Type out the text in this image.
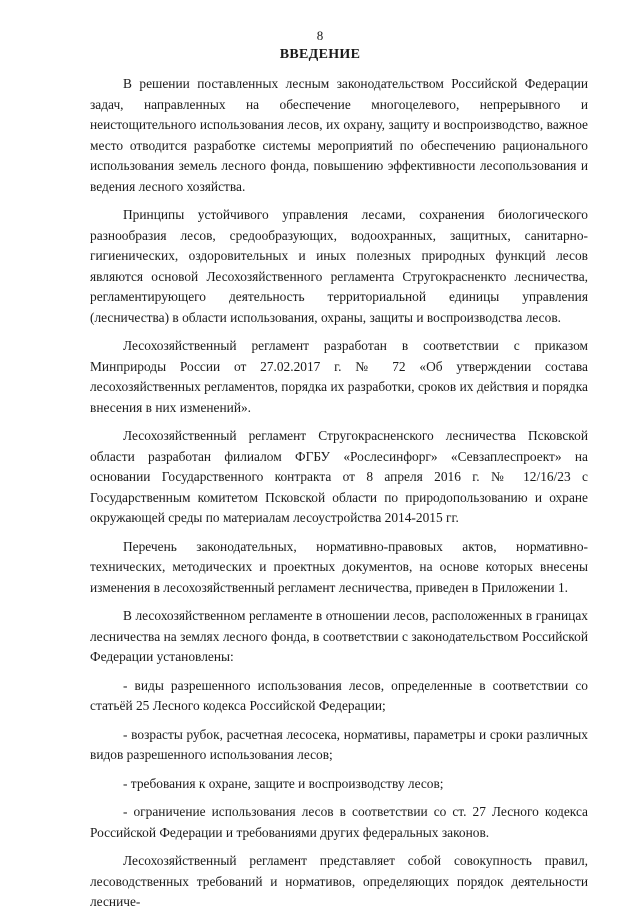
8
ВВЕДЕНИЕ

В решении поставленных лесным законодательством Российской Федерации задач, направленных на обеспечение многоцелевого, непрерывного и неистощительного использования лесов, их охрану, защиту и воспроизводство, важное место отводится разработке системы мероприятий по обеспечению рационального использования земель лесного фонда, повышению эффективности лесопользования и ведения лесного хозяйства.

Принципы устойчивого управления лесами, сохранения биологического разнообразия лесов, средообразующих, водоохранных, защитных, санитарно-гигиенических, оздоровительных и иных полезных природных функций лесов являются основой Лесохозяйственного регламента Стругокрасненкто лесничества, регламентирующего деятельность территориальной единицы управления (лесничества) в области использования, охраны, защиты и воспроизводства лесов.

Лесохозяйственный регламент разработан в соответствии с приказом Минприроды России от 27.02.2017 г. № 72 «Об утверждении состава лесохозяйственных регламентов, порядка их разработки, сроков их действия и порядка внесения в них изменений».

Лесохозяйственный регламент Стругокрасненского лесничества Псковской области разработан филиалом ФГБУ «Рослесинфорг» «Севзаплеспроект» на основании Государственного контракта от 8 апреля 2016 г. № 12/16/23 с Государственным комитетом Псковской области по природопользованию и охране окружающей среды по материалам лесоустройства 2014-2015 гг.

Перечень законодательных, нормативно-правовых актов, нормативно-технических, методических и проектных документов, на основе которых внесены изменения в лесохозяйственный регламент лесничества, приведен в Приложении 1.

В лесохозяйственном регламенте в отношении лесов, расположенных в границах лесничества на землях лесного фонда, в соответствии с законодательством Российской Федерации установлены:

- виды разрешенного использования лесов, определенные в соответствии со статьёй 25 Лесного кодекса Российской Федерации;

- возрасты рубок, расчетная лесосека, нормативы, параметры и сроки различных видов разрешенного использования лесов;

- требования к охране, защите и воспроизводству лесов;

- ограничение использования лесов в соответствии со ст. 27 Лесного кодекса Российской Федерации и требованиями других федеральных законов.

Лесохозяйственный регламент представляет собой совокупность правил, лесоводственных требований и нормативов, определяющих порядок деятельности лесниче-
